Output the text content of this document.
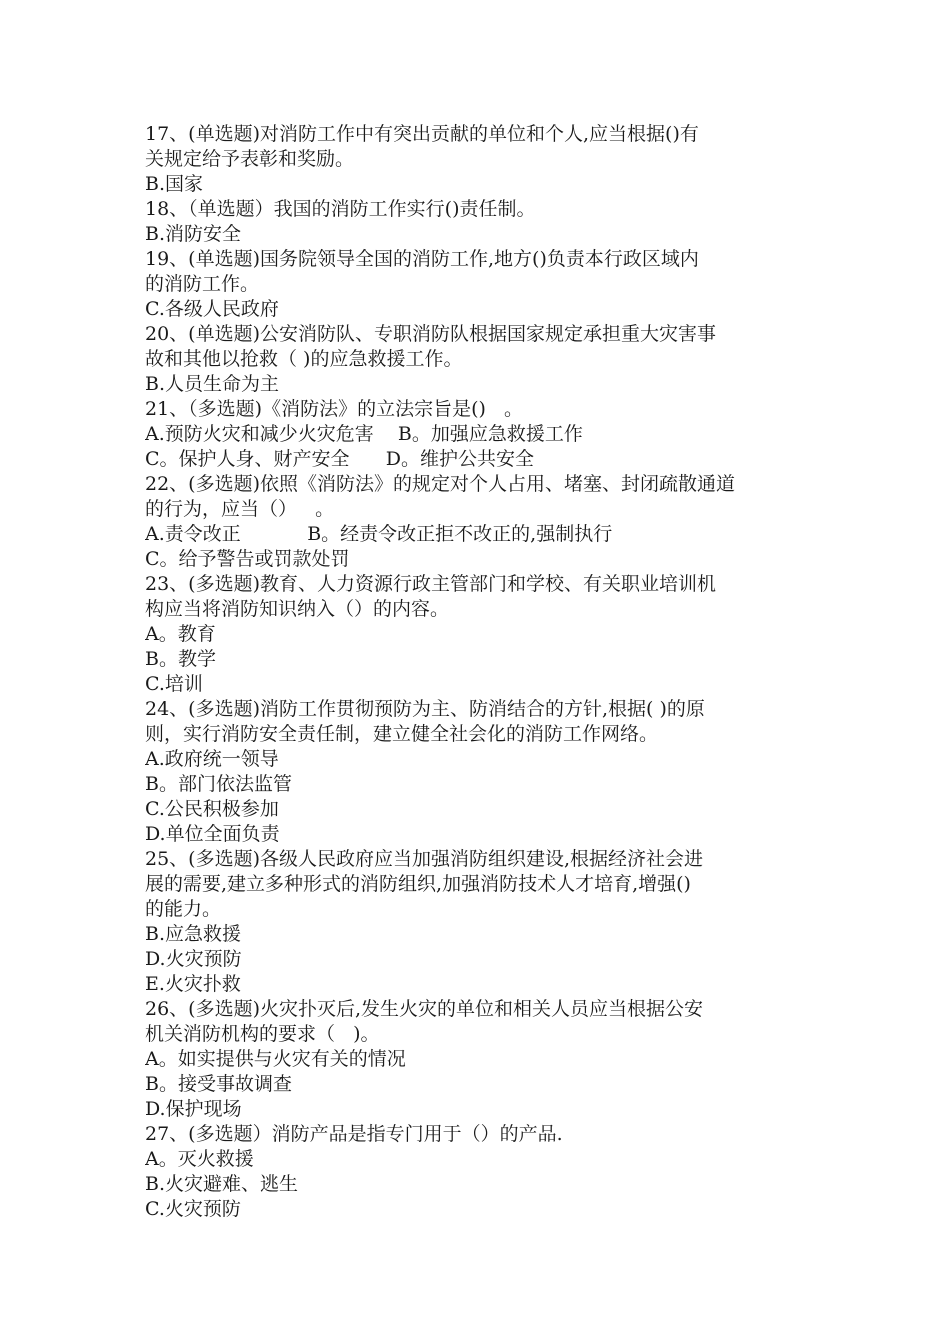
17、(单选题)对消防工作中有突出贡献的单位和个人,应当根据()有
关规定给予表彰和奖励。
B.国家
18、（单选题）我国的消防工作实行()责任制。
B.消防安全
19、(单选题)国务院领导全国的消防工作,地方()负责本行政区域内
的消防工作。
C.各级人民政府
20、(单选题)公安消防队、专职消防队根据国家规定承担重大灾害事
故和其他以抢救（ )的应急救援工作。
B.人员生命为主
21、（多选题)《消防法》的立法宗旨是()   。
A.预防火灾和减少火灾危害    B。加强应急救援工作
C。保护人身、财产安全      D。维护公共安全
22、(多选题)依照《消防法》的规定对个人占用、堵塞、封闭疏散通道
的行为，应当（）   。
A.责令改正           B。经责令改正拒不改正的,强制执行
C。给予警告或罚款处罚
23、(多选题)教育、人力资源行政主管部门和学校、有关职业培训机
构应当将消防知识纳入（）的内容。
A。教育
B。教学
C.培训
24、(多选题)消防工作贯彻预防为主、防消结合的方针,根据( )的原
则，实行消防安全责任制，建立健全社会化的消防工作网络。
A.政府统一领导
B。部门依法监管
C.公民积极参加
D.单位全面负责
25、(多选题)各级人民政府应当加强消防组织建设,根据经济社会进
展的需要,建立多种形式的消防组织,加强消防技术人才培育,增强()
的能力。
B.应急救援
D.火灾预防
E.火灾扑救
26、(多选题)火灾扑灭后,发生火灾的单位和相关人员应当根据公安
机关消防机构的要求（   )。
A。如实提供与火灾有关的情况
B。接受事故调查
D.保护现场
27、(多选题）消防产品是指专门用于（）的产品.
A。灭火救援
B.火灾避难、逃生
C.火灾预防
